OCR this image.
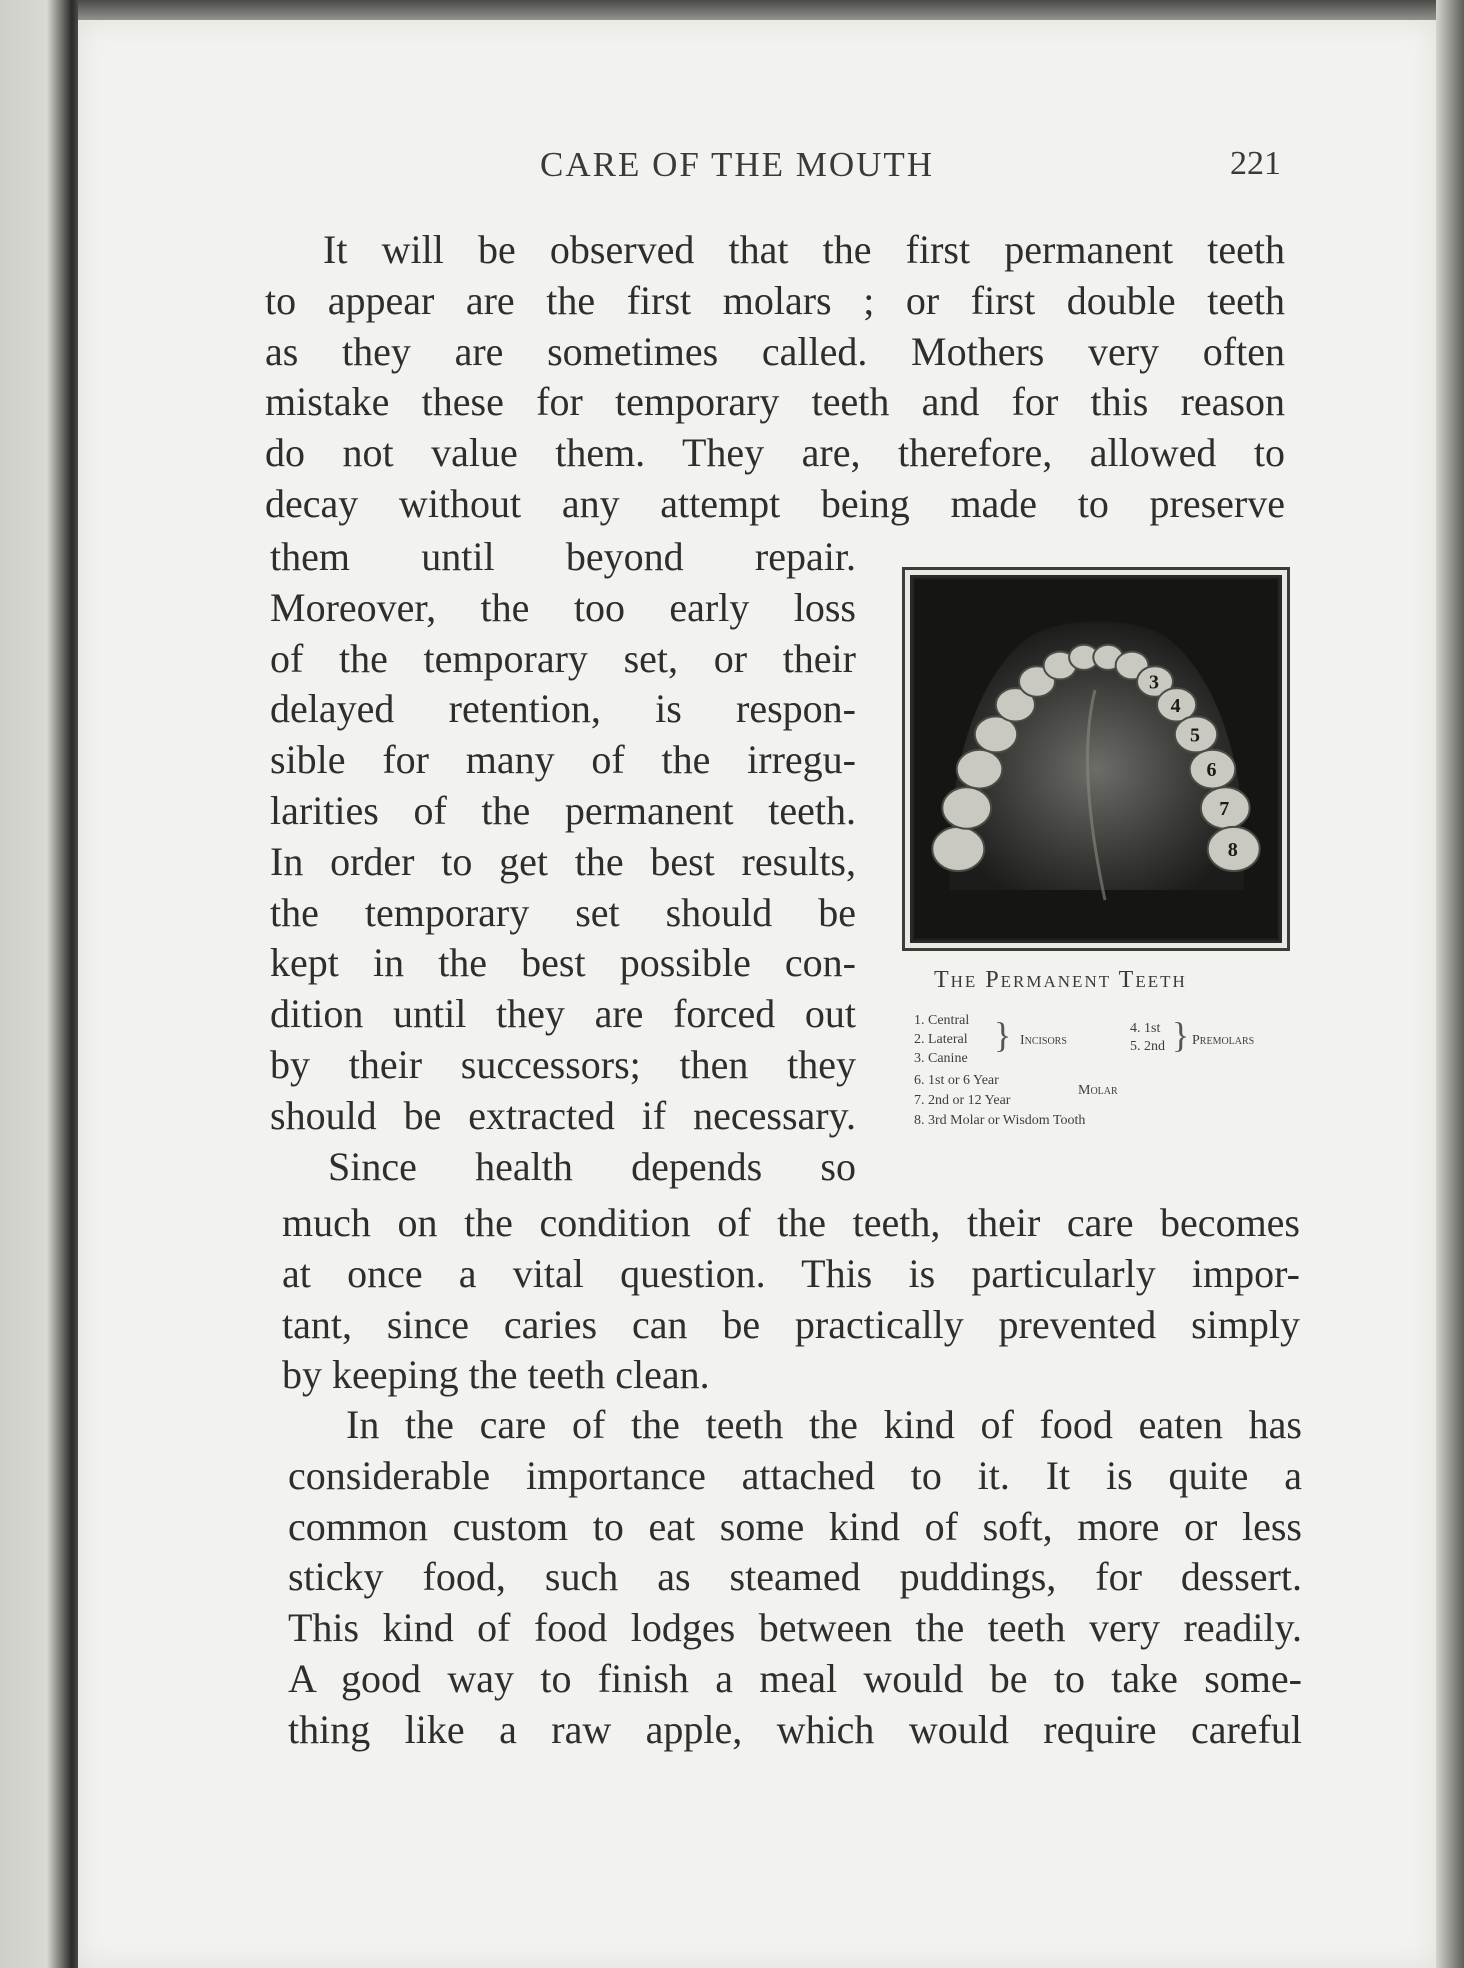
CARE OF THE MOUTH	221
It will be observed that the first permanent teeth
to appear are the first molars ; or first double teeth
as they are sometimes called. Mothers very often
mistake these for temporary teeth and for this reason
do not value them. They are, therefore, allowed to
decay without any attempt being made to preserve
them until beyond repair.
Moreover, the too early loss
of the temporary set, or their
delayed retention, is respon-
sible for many of the irregu-
larities of the permanent teeth.
In order to get the best results,
the temporary set should be
kept in the best possible con-
dition until they are forced out
by their successors; then they
should be extracted if necessary.
Since health depends so
much on the condition of the teeth, their care becomes
at once a vital question. This is particularly impor-
tant, since caries can be practically prevented simply
by keeping the teeth clean.
In the care of the teeth the kind of food eaten has
considerable importance attached to it. It is quite a
common custom to eat some kind of soft, more or less
sticky food, such as steamed puddings, for dessert.
This kind of food lodges between the teeth very readily.
A good way to finish a meal would be to take some-
thing like a raw apple, which would require careful
3
4
5
6
7
8
The Permanent Teeth
1. Central
2. Lateral
3. Canine
} Incisors
4. 1st
5. 2nd } Premolars
6. 1st or 6 Year
7. 2nd or 12 Year
Molar
8. 3rd Molar or Wisdom Tooth
